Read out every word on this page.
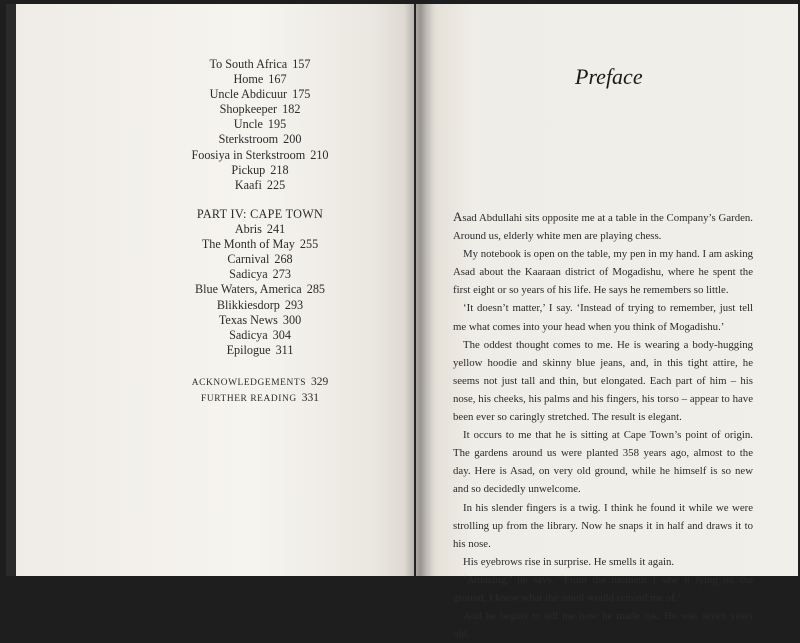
To South Africa 157
Home 167
Uncle Abdicuur 175
Shopkeeper 182
Uncle 195
Sterkstroom 200
Foosiya in Sterkstroom 210
Pickup 218
Kaafi 225
PART IV: CAPE TOWN
Abris 241
The Month of May 255
Carnival 268
Sadicya 273
Blue Waters, America 285
Blikkiesdorp 293
Texas News 300
Sadicya 304
Epilogue 311
ACKNOWLEDGEMENTS 329
FURTHER READING 331
Preface

Asad Abdullahi sits opposite me at a table in the Company’s Garden. Around us, elderly white men are playing chess.

My notebook is open on the table, my pen in my hand. I am asking Asad about the Kaaraan district of Mogadishu, where he spent the first eight or so years of his life. He says he remembers so little.

‘It doesn’t matter,’ I say. ‘Instead of trying to remember, just tell me what comes into your head when you think of Mogadishu.’

The oddest thought comes to me. He is wearing a body-hugging yellow hoodie and skinny blue jeans, and, in this tight attire, he seems not just tall and thin, but elongated. Each part of him – his nose, his cheeks, his palms and his fingers, his torso – appear to have been ever so caringly stretched. The result is elegant.

It occurs to me that he is sitting at Cape Town’s point of origin. The gardens around us were planted 358 years ago, almost to the day. Here is Asad, on very old ground, while he himself is so new and so decidedly unwelcome.

In his slender fingers is a twig. I think he found it while we were strolling up from the library. Now he snaps it in half and draws it to his nose.

His eyebrows rise in surprise. He smells it again.

‘Amazing,’ he says. ‘From the moment I saw it lying on the ground, I knew what the smell would remind me of.’

And he begins to tell me how he made ink. He was seven years old,
